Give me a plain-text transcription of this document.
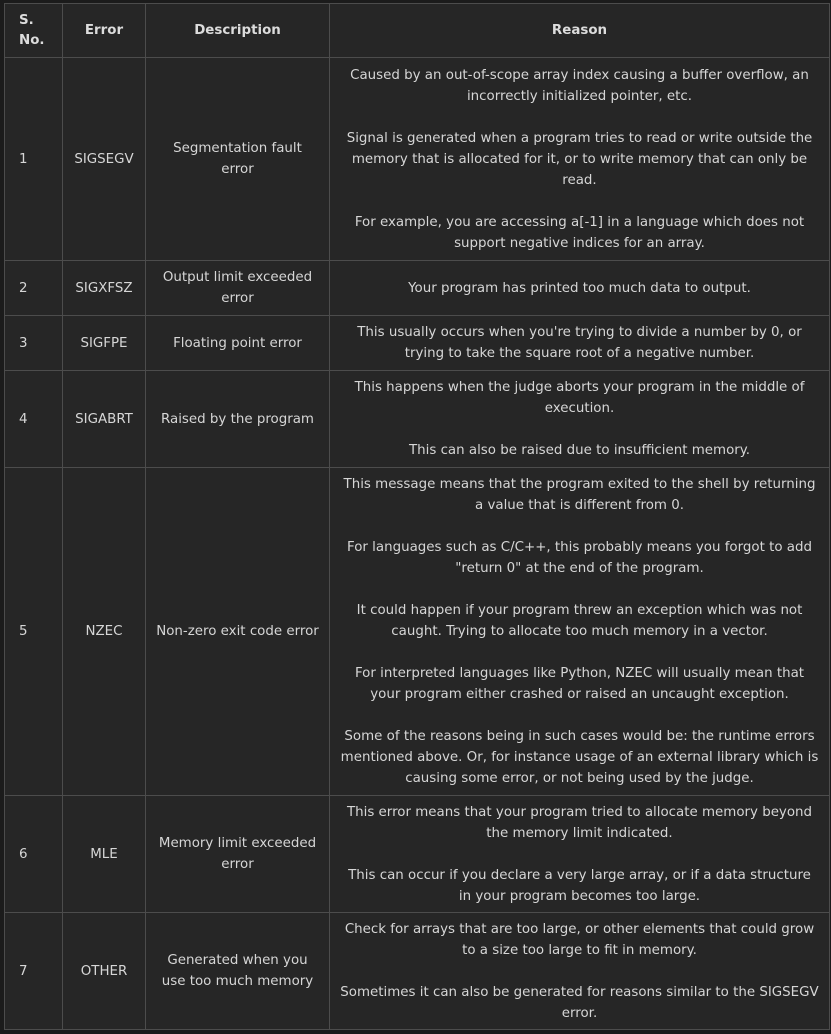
S. No.	Error	Description	Reason
1	SIGSEGV	Segmentation fault error	Caused by an out-of-scope array index causing a buffer overflow, an incorrectly initialized pointer, etc.
Signal is generated when a program tries to read or write outside the memory that is allocated for it, or to write memory that can only be read.
For example, you are accessing a[-1] in a language which does not support negative indices for an array.

2	SIGXFSZ	Output limit exceeded error	Your program has printed too much data to output.

3	SIGFPE	Floating point error	This usually occurs when you're trying to divide a number by 0, or trying to take the square root of a negative number.

4	SIGABRT	Raised by the program	This happens when the judge aborts your program in the middle of execution.
This can also be raised due to insufficient memory.

5	NZEC	Non-zero exit code error	This message means that the program exited to the shell by returning a value that is different from 0.
For languages such as C/C++, this probably means you forgot to add "return 0" at the end of the program.
It could happen if your program threw an exception which was not caught. Trying to allocate too much memory in a vector.
For interpreted languages like Python, NZEC will usually mean that your program either crashed or raised an uncaught exception.
Some of the reasons being in such cases would be: the runtime errors mentioned above. Or, for instance usage of an external library which is causing some error, or not being used by the judge.

6	MLE	Memory limit exceeded error	This error means that your program tried to allocate memory beyond the memory limit indicated.
This can occur if you declare a very large array, or if a data structure in your program becomes too large.

7	OTHER	Generated when you use too much memory	Check for arrays that are too large, or other elements that could grow to a size too large to fit in memory.
Sometimes it can also be generated for reasons similar to the SIGSEGV error.
